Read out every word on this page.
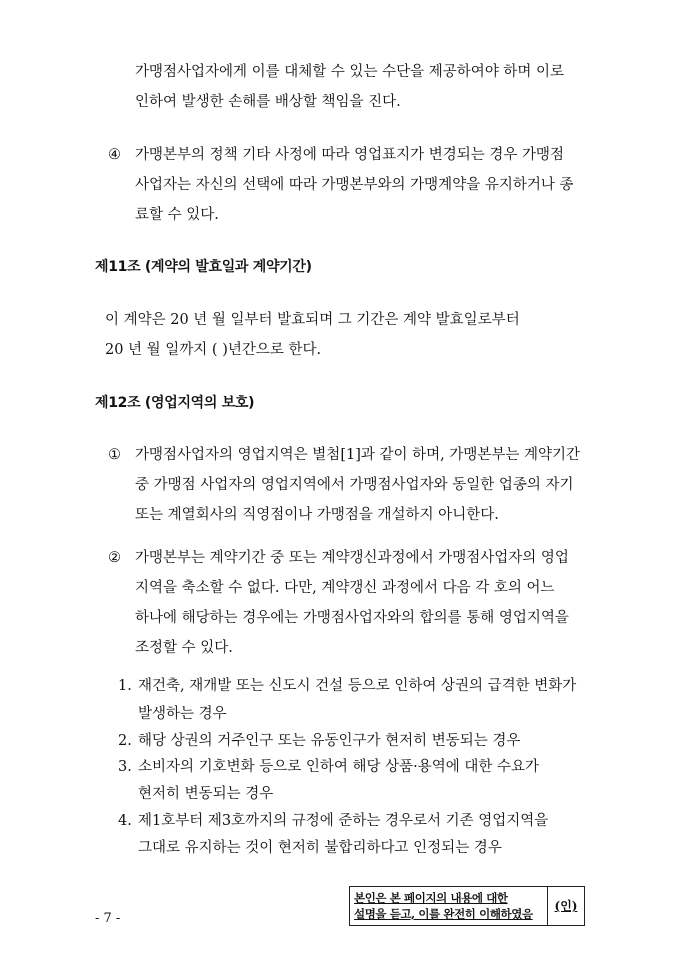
가맹점사업자에게 이를 대체할 수 있는 수단을 제공하여야 하며 이로
인하여 발생한 손해를 배상할 책임을 진다.
④ 가맹본부의 정책 기타 사정에 따라 영업표지가 변경되는 경우 가맹점
사업자는 자신의 선택에 따라 가맹본부와의 가맹계약을 유지하거나 종
료할 수 있다.
제11조 (계약의 발효일과 계약기간)
이 계약은 20 년 월 일부터 발효되며 그 기간은 계약 발효일로부터
20 년 월 일까지 ( )년간으로 한다.
제12조 (영업지역의 보호)
① 가맹점사업자의 영업지역은 별첨[1]과 같이 하며, 가맹본부는 계약기간
중 가맹점 사업자의 영업지역에서 가맹점사업자와 동일한 업종의 자기
또는 계열회사의 직영점이나 가맹점을 개설하지 아니한다.
② 가맹본부는 계약기간 중 또는 계약갱신과정에서 가맹점사업자의 영업
지역을 축소할 수 없다. 다만, 계약갱신 과정에서 다음 각 호의 어느
하나에 해당하는 경우에는 가맹점사업자와의 합의를 통해 영업지역을
조정할 수 있다.
1. 재건축, 재개발 또는 신도시 건설 등으로 인하여 상권의 급격한 변화가
발생하는 경우
2. 해당 상권의 거주인구 또는 유동인구가 현저히 변동되는 경우
3. 소비자의 기호변화 등으로 인하여 해당 상품·용역에 대한 수요가
현저히 변동되는 경우
4. 제1호부터 제3호까지의 규정에 준하는 경우로서 기존 영업지역을
그대로 유지하는 것이 현저히 불합리하다고 인정되는 경우
- 7 -
본인은 본 페이지의 내용에 대한
설명을 듣고, 이를 완전히 이해하였음
(인)
